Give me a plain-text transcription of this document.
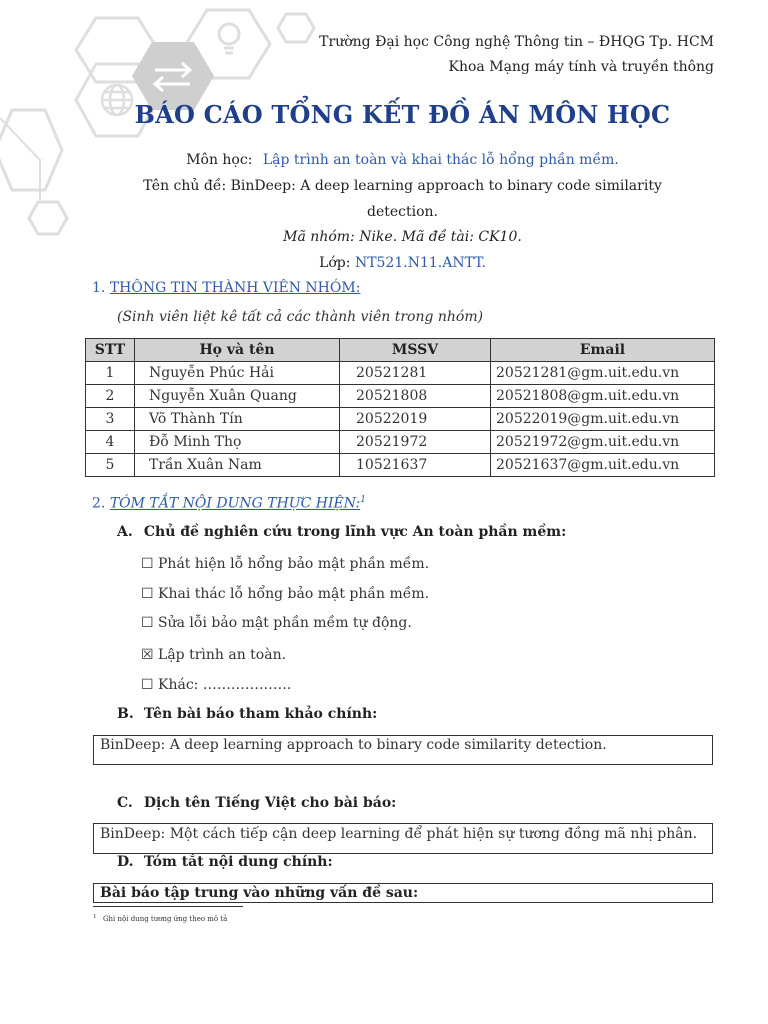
Trường Đại học Công nghệ Thông tin – ĐHQG Tp. HCM
Khoa Mạng máy tính và truyền thông
BÁO CÁO TỔNG KẾT ĐỒ ÁN MÔN HỌC
Môn học: Lập trình an toàn và khai thác lỗ hổng phần mềm.
Tên chủ đề: BinDeep: A deep learning approach to binary code similarity
detection.
Mã nhóm: Nike. Mã đề tài: CK10.
Lớp: NT521.N11.ANTT.
1. THÔNG TIN THÀNH VIÊN NHÓM:
(Sinh viên liệt kê tất cả các thành viên trong nhóm)
STT	Họ và tên	MSSV	Email
1	Nguyễn Phúc Hải	20521281	20521281@gm.uit.edu.vn
2	Nguyễn Xuân Quang	20521808	20521808@gm.uit.edu.vn
3	Võ Thành Tín	20522019	20522019@gm.uit.edu.vn
4	Đỗ Minh Thọ	20521972	20521972@gm.uit.edu.vn
5	Trần Xuân Nam	10521637	20521637@gm.uit.edu.vn
2. TÓM TẮT NỘI DUNG THỰC HIỆN:$^1$
A. Chủ đề nghiên cứu trong lĩnh vực An toàn phần mềm:
☐ Phát hiện lỗ hổng bảo mật phần mềm.
☐ Khai thác lỗ hổng bảo mật phần mềm.
☐ Sửa lỗi bảo mật phần mềm tự động.
☒ Lập trình an toàn.
☐ Khác: ……………….
B. Tên bài báo tham khảo chính:
BinDeep: A deep learning approach to binary code similarity detection.
C. Dịch tên Tiếng Việt cho bài báo:
BinDeep: Một cách tiếp cận deep learning để phát hiện sự tương đồng mã nhị phân.
D. Tóm tắt nội dung chính:
Bài báo tập trung vào những vấn đề sau:
$^1$ Ghi nội dung tương ứng theo mô tả
